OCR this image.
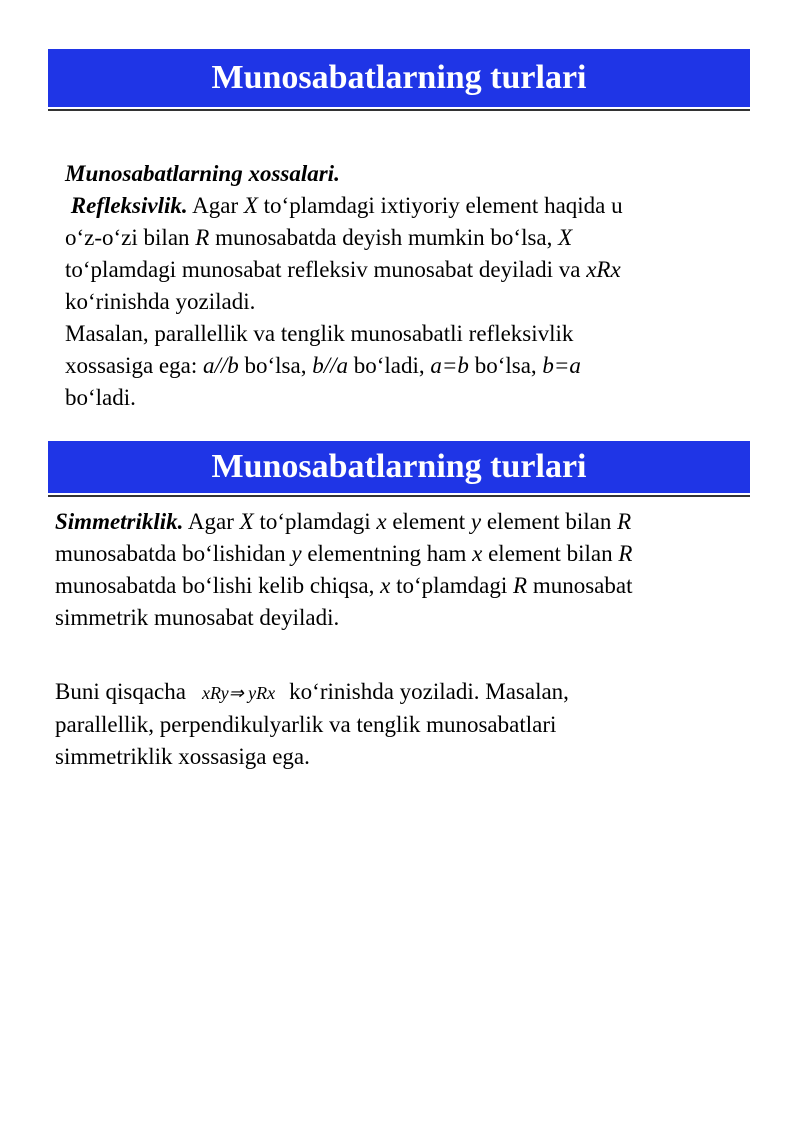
Munosabatlarning turlari
Munosabatlarning xossalari.
Refleksivlik. Agar X to‘plamdagi ixtiyoriy element haqida u
o‘z-o‘zi bilan R munosabatda deyish mumkin bo‘lsa, X
to‘plamdagi munosabat refleksiv munosabat deyiladi va xRx
ko‘rinishda yoziladi.
Masalan, parallellik va tenglik munosabatli refleksivlik
xossasiga ega: a//b bo‘lsa, b//a bo‘ladi, a=b bo‘lsa, b=a
bo‘ladi.
Munosabatlarning turlari
Simmetriklik. Agar X to‘plamdagi x element y element bilan R
munosabatda bo‘lishidan y elementning ham x element bilan R
munosabatda bo‘lishi kelib chiqsa, x to‘plamdagi R munosabat
simmetrik munosabat deyiladi.
Buni qisqacha xRy⇒ yRx ko‘rinishda yoziladi. Masalan,
parallellik, perpendikulyarlik va tenglik munosabatlari
simmetriklik xossasiga ega.
